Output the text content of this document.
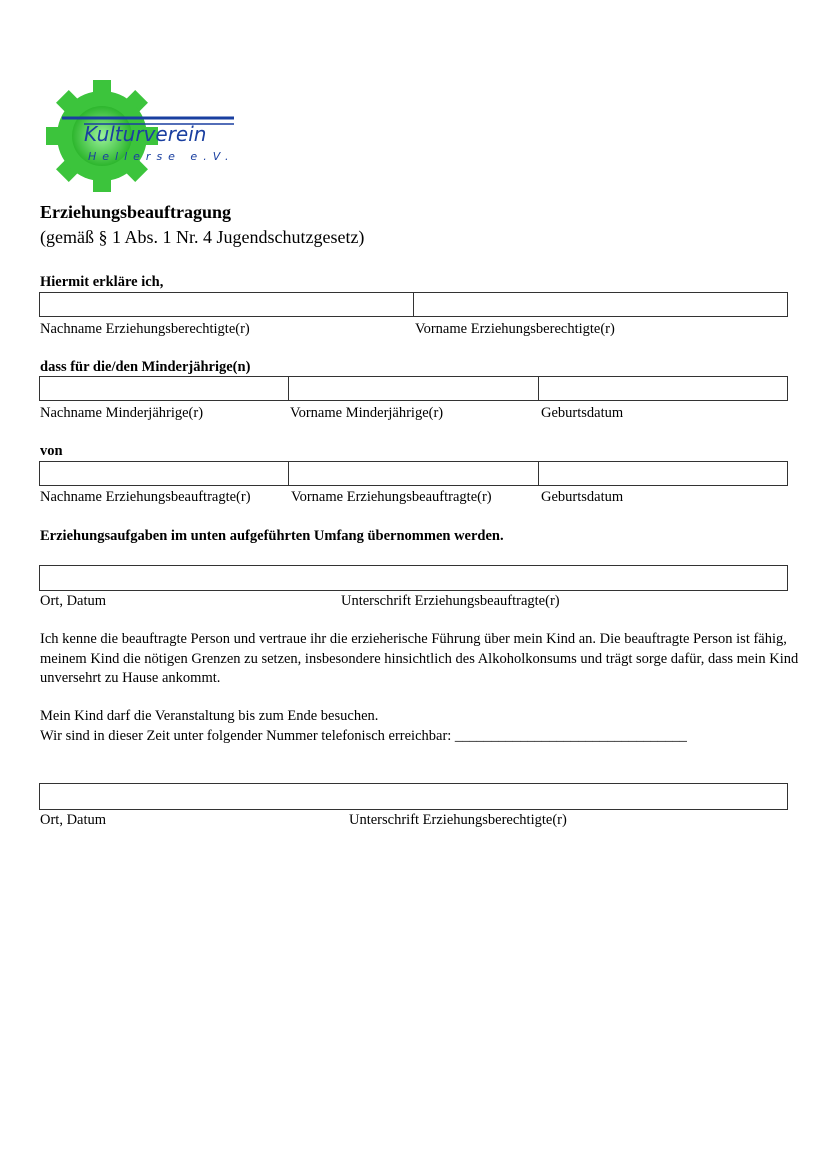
Kulturverein
Hellerse e.V.
Erziehungsbeauftragung
(gemäß § 1 Abs. 1 Nr. 4 Jugendschutzgesetz)
Hiermit erkläre ich,
Nachname Erziehungsberechtigte(r)	Vorname Erziehungsberechtigte(r)
dass für die/den Minderjährige(n)
Nachname Minderjährige(r)	Vorname Minderjährige(r)	Geburtsdatum
von
Nachname Erziehungsbeauftragte(r)	Vorname Erziehungsbeauftragte(r)	Geburtsdatum
Erziehungsaufgaben im unten aufgeführten Umfang übernommen werden.
Ort, Datum	Unterschrift Erziehungsbeauftragte(r)
Ich kenne die beauftragte Person und vertraue ihr die erzieherische Führung über mein Kind an. Die beauftragte Person ist fähig, meinem Kind die nötigen Grenzen zu setzen, insbesondere hinsichtlich des Alkoholkonsums und trägt sorge dafür, dass mein Kind unversehrt zu Hause ankommt.
Mein Kind darf die Veranstaltung bis zum Ende besuchen.
Wir sind in dieser Zeit unter folgender Nummer telefonisch erreichbar: ________________________________
Ort, Datum	Unterschrift Erziehungsberechtigte(r)
